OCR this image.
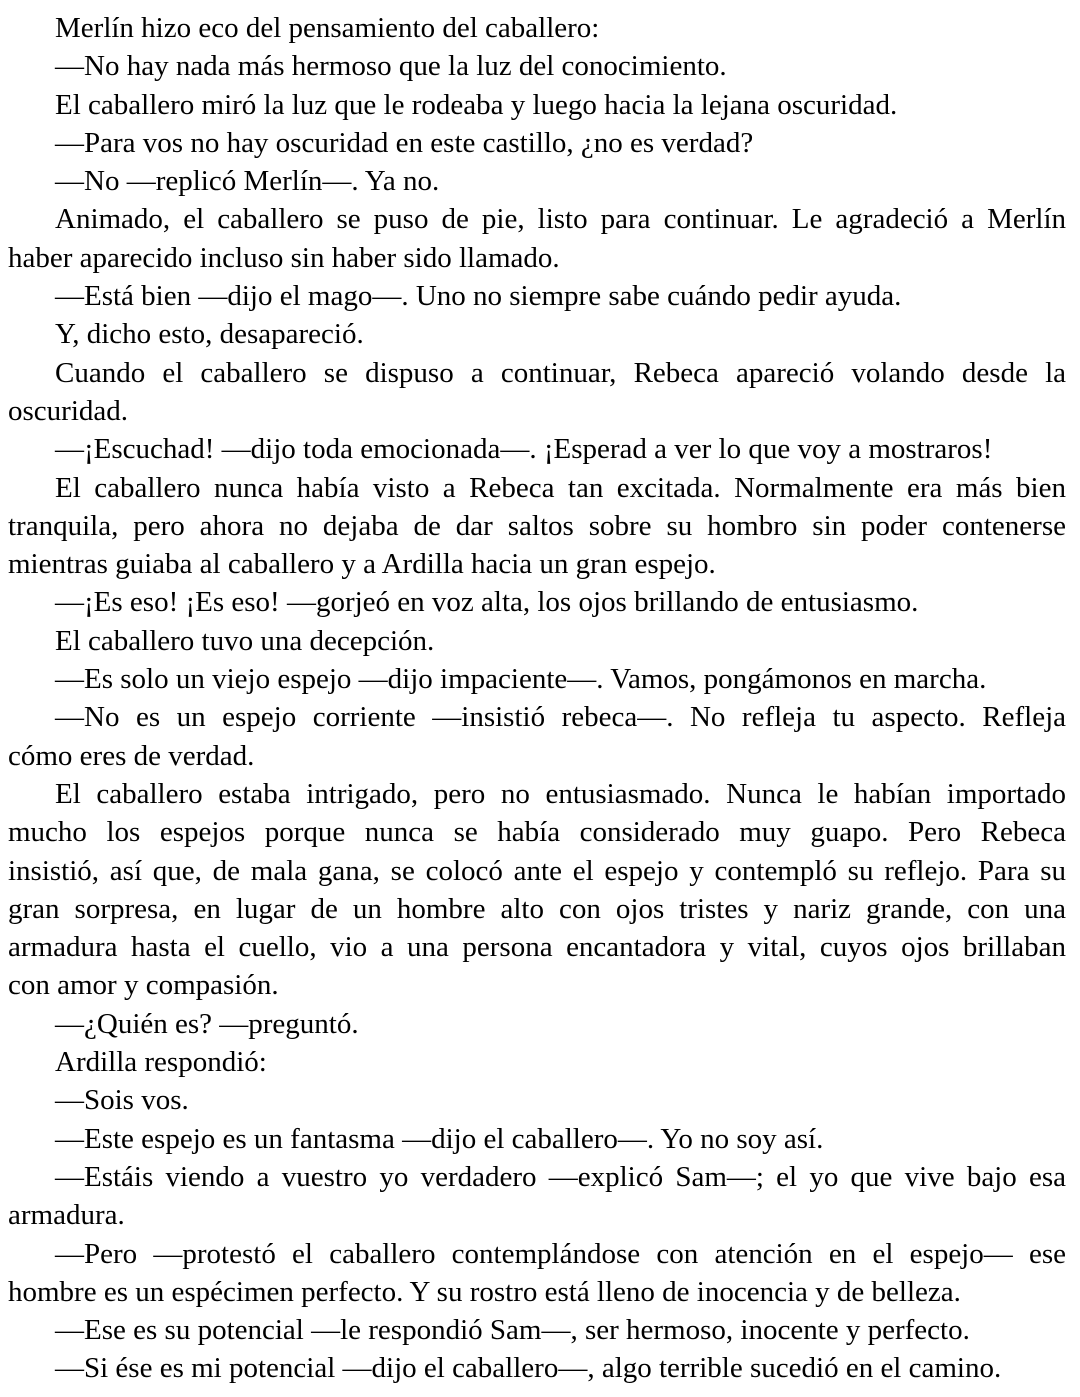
Merlín hizo eco del pensamiento del caballero:
—No hay nada más hermoso que la luz del conocimiento.
El caballero miró la luz que le rodeaba y luego hacia la lejana oscuridad.
—Para vos no hay oscuridad en este castillo, ¿no es verdad?
—No —replicó Merlín—. Ya no.
Animado, el caballero se puso de pie, listo para continuar. Le agradeció a Merlín
haber aparecido incluso sin haber sido llamado.
—Está bien —dijo el mago—. Uno no siempre sabe cuándo pedir ayuda.
Y, dicho esto, desapareció.
Cuando el caballero se dispuso a continuar, Rebeca apareció volando desde la
oscuridad.
—¡Escuchad! —dijo toda emocionada—. ¡Esperad a ver lo que voy a mostraros!
El caballero nunca había visto a Rebeca tan excitada. Normalmente era más bien
tranquila, pero ahora no dejaba de dar saltos sobre su hombro sin poder contenerse
mientras guiaba al caballero y a Ardilla hacia un gran espejo.
—¡Es eso! ¡Es eso! —gorjeó en voz alta, los ojos brillando de entusiasmo.
El caballero tuvo una decepción.
—Es solo un viejo espejo —dijo impaciente—. Vamos, pongámonos en marcha.
—No es un espejo corriente —insistió rebeca—. No refleja tu aspecto. Refleja
cómo eres de verdad.
El caballero estaba intrigado, pero no entusiasmado. Nunca le habían importado
mucho los espejos porque nunca se había considerado muy guapo. Pero Rebeca
insistió, así que, de mala gana, se colocó ante el espejo y contempló su reflejo. Para su
gran sorpresa, en lugar de un hombre alto con ojos tristes y nariz grande, con una
armadura hasta el cuello, vio a una persona encantadora y vital, cuyos ojos brillaban
con amor y compasión.
—¿Quién es? —preguntó.
Ardilla respondió:
—Sois vos.
—Este espejo es un fantasma —dijo el caballero—. Yo no soy así.
—Estáis viendo a vuestro yo verdadero —explicó Sam—; el yo que vive bajo esa
armadura.
—Pero —protestó el caballero contemplándose con atención en el espejo— ese
hombre es un espécimen perfecto. Y su rostro está lleno de inocencia y de belleza.
—Ese es su potencial —le respondió Sam—, ser hermoso, inocente y perfecto.
—Si ése es mi potencial —dijo el caballero—, algo terrible sucedió en el camino.
